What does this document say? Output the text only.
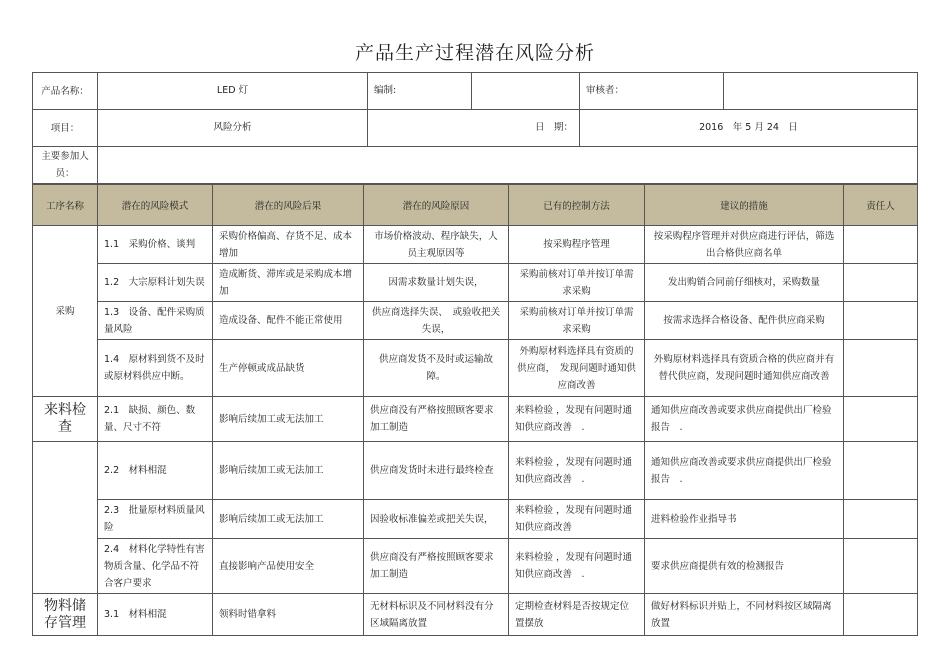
产品生产过程潜在风险分析
产品名称：	LED 灯	编制:		审核者：	
项目：	风险分析	日　期：		2016　年 5 月 24　日	
主要参加人员：					
工序名称	潜在的风险模式	潜在的风险后果	潜在的风险原因	已有的控制方法	建议的措施	责任人
采购	1.1　采购价格、谈判	采购价格偏高、存货不足、成本增加	市场价格波动、程序缺失，人员主观原因等	按采购程序管理	按采购程序管理并对供应商进行评估，筛选出合格供应商名单	
	1.2　大宗原料计划失误	造成断货、滞库或是采购成本增加	因需求数量计划失误，	采购前核对订单并按订单需求采购	发出购销合同前仔细核对，采购数量	
	1.3　设备、配件采购质量风险	造成设备、配件不能正常使用	供应商选择失误、　或验收把关失误，	采购前核对订单并按订单需求采购	按需求选择合格设备、配件供应商采购	
	1.4　原材料到货不及时或原材料供应中断。	生产停顿或成品缺货	供应商发货不及时或运输故障。	外购原材料选择具有资质的供应商，　发现问题时通知供应商改善	外购原材料选择具有资质合格的供应商并有替代供应商，发现问题时通知供应商改善	
来料检查	2.1　缺损、颜色、数量、尺寸不符	影响后续加工或无法加工	供应商没有严格按照顾客要求加工制造	来料检验 ，发现有问题时通知供应商改善　.	通知供应商改善或要求供应商提供出厂检验报告　.	
	2.2　材料相混	影响后续加工或无法加工	供应商发货时未进行最终检查	来料检验 ，发现有问题时通知供应商改善　.	通知供应商改善或要求供应商提供出厂检验报告　.	
	2.3　批量原材料质量风险	影响后续加工或无法加工	因验收标准偏差或把关失误，	来料检验 ，发现有问题时通知供应商改善	进料检验作业指导书	
	2.4　材料化学特性有害物质含量、化学品不符合客户要求	直接影响产品使用安全	供应商没有严格按照顾客要求加工制造	来料检验 ，发现有问题时通知供应商改善　.	要求供应商提供有效的检测报告	
物料储存管理	3.1　材料相混	领料时错拿料	无材料标识及不同材料没有分区域隔离放置	定期检查材料是否按规定位置摆放	做好材料标识并贴上，不同材料按区域隔离放置	
